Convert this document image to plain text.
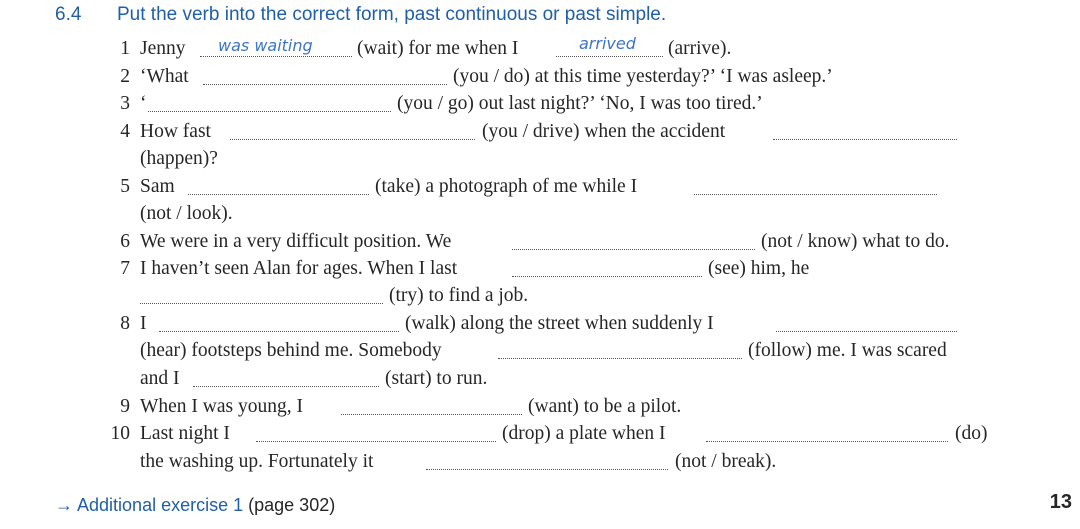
6.4 Put the verb into the correct form, past continuous or past simple.
1 Jenny was waiting (wait) for me when I	arrived (arrive).
2 ‘What	(you / do) at this time yesterday?’ ‘I was asleep.’
3 ‘	(you / go) out last night?’ ‘No, I was too tired.’
4 How fast	(you / drive) when the accident
(happen)?
5 Sam	(take) a photograph of me while I
(not / look).
6 We were in a very difficult position. We	(not / know) what to do.
7 I haven’t seen Alan for ages. When I last	(see) him, he
(try) to find a job.
8 I	(walk) along the street when suddenly I
(hear) footsteps behind me. Somebody	(follow) me. I was scared
and I	(start) to run.
9 When I was young, I	(want) to be a pilot.
10 Last night I	(drop) a plate when I	(do)
the washing up. Fortunately it	(not / break).
→ Additional exercise 1 (page 302)	13
